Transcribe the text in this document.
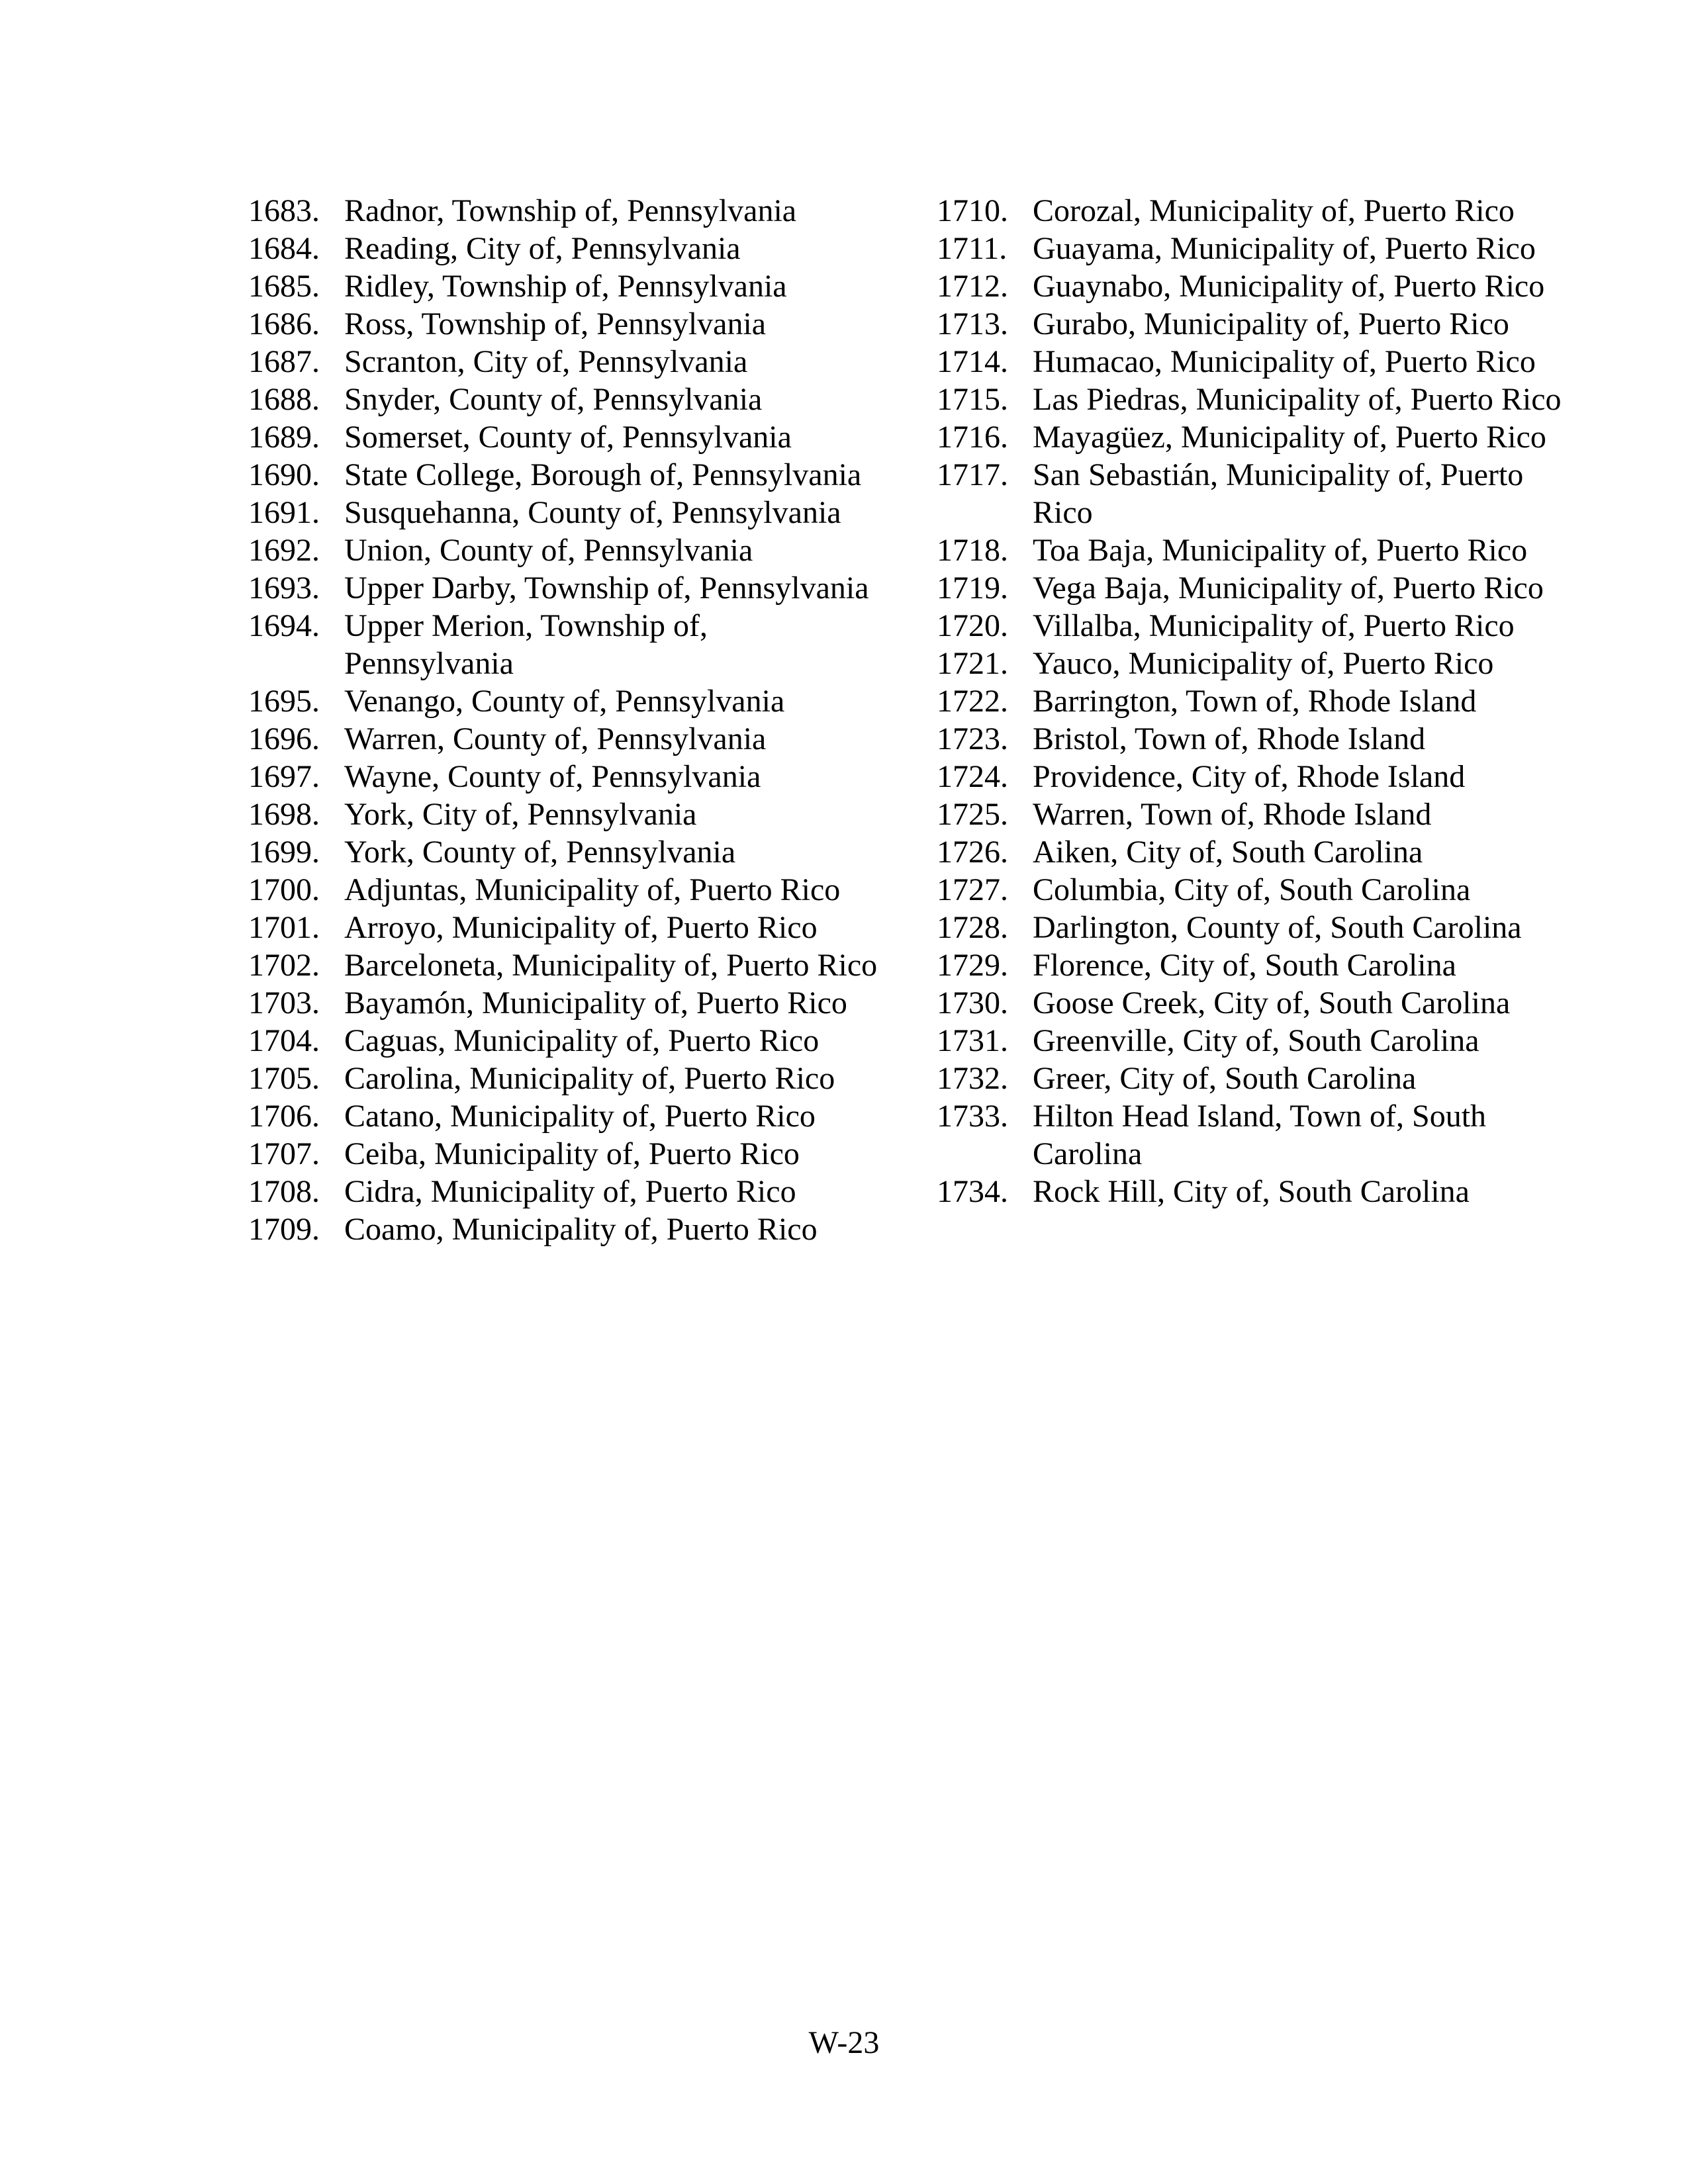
1683. Radnor, Township of, Pennsylvania
1684. Reading, City of, Pennsylvania
1685. Ridley, Township of, Pennsylvania
1686. Ross, Township of, Pennsylvania
1687. Scranton, City of, Pennsylvania
1688. Snyder, County of, Pennsylvania
1689. Somerset, County of, Pennsylvania
1690. State College, Borough of, Pennsylvania
1691. Susquehanna, County of, Pennsylvania
1692. Union, County of, Pennsylvania
1693. Upper Darby, Township of, Pennsylvania
1694. Upper Merion, Township of, Pennsylvania
1695. Venango, County of, Pennsylvania
1696. Warren, County of, Pennsylvania
1697. Wayne, County of, Pennsylvania
1698. York, City of, Pennsylvania
1699. York, County of, Pennsylvania
1700. Adjuntas, Municipality of, Puerto Rico
1701. Arroyo, Municipality of, Puerto Rico
1702. Barceloneta, Municipality of, Puerto Rico
1703. Bayamón, Municipality of, Puerto Rico
1704. Caguas, Municipality of, Puerto Rico
1705. Carolina, Municipality of, Puerto Rico
1706. Catano, Municipality of, Puerto Rico
1707. Ceiba, Municipality of, Puerto Rico
1708. Cidra, Municipality of, Puerto Rico
1709. Coamo, Municipality of, Puerto Rico
1710. Corozal, Municipality of, Puerto Rico
1711. Guayama, Municipality of, Puerto Rico
1712. Guaynabo, Municipality of, Puerto Rico
1713. Gurabo, Municipality of, Puerto Rico
1714. Humacao, Municipality of, Puerto Rico
1715. Las Piedras, Municipality of, Puerto Rico
1716. Mayagüez, Municipality of, Puerto Rico
1717. San Sebastián, Municipality of, Puerto Rico
1718. Toa Baja, Municipality of, Puerto Rico
1719. Vega Baja, Municipality of, Puerto Rico
1720. Villalba, Municipality of, Puerto Rico
1721. Yauco, Municipality of, Puerto Rico
1722. Barrington, Town of, Rhode Island
1723. Bristol, Town of, Rhode Island
1724. Providence, City of, Rhode Island
1725. Warren, Town of, Rhode Island
1726. Aiken, City of, South Carolina
1727. Columbia, City of, South Carolina
1728. Darlington, County of, South Carolina
1729. Florence, City of, South Carolina
1730. Goose Creek, City of, South Carolina
1731. Greenville, City of, South Carolina
1732. Greer, City of, South Carolina
1733. Hilton Head Island, Town of, South Carolina
1734. Rock Hill, City of, South Carolina
W-23
